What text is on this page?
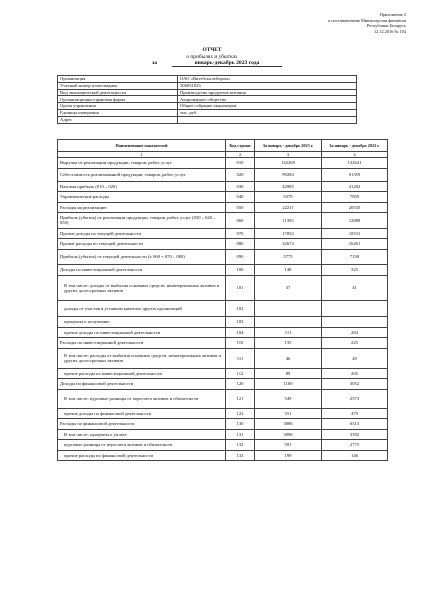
Приложение 2
к постановлению Министерства финансов
Республики Беларусь
12.12.2016 № 104
ОТЧЕТ
о прибылях и убытках
за	январь-декабрь 2023 года
Организация	ОАО «Витебскхлебпром»
Учетный номер плательщика	300031823
Вид экономической деятельности	Производство продуктов питания
Организационно-правовая форма	Акционерное общество
Орган управления	Общее собрание акционеров
Единица измерения	тыс. руб.
Адрес	
Наименование показателей	Код строки	За январь - декабрь 2023 г.	За январь - декабрь 2022 г.
1	2	3	4
Выручка от реализации продукции, товаров, работ, услуг	010	142269	132641
Себестоимость реализованной продукции, товаров, работ, услуг	020	99284	91359
Валовая прибыль (010 – 020)	030	42985	41282
Управленческие расходы	040	9379	7859
Расходы на реализацию	050	22211	20535
Прибыль (убыток) от реализации продукции, товаров, работ, услуг (030 – 040 – 050)	060	11395	12888
Прочие доходы по текущей деятельности	070	17052	10531
Прочие расходы по текущей деятельности	080	22672	16261
Прибыль (убыток) от текущей деятельности (± 060 + 070 – 080)	090	5775	7158
Доходы по инвестиционной деятельности	100	148	325
В том числе: доходы от выбытия основных средств, нематериальных активов и других долгосрочных активов	101	37	41
доходы от участия в уставном капитале других организаций	102		
проценты к получению	103		
прочие доходы по инвестиционной деятельности	104	111	284
Расходы по инвестиционной деятельности	110	135	225
В том числе: расходы от выбытия основных средств, нематериальных активов и других долгосрочных активов	111	46	20
прочие расходы по инвестиционной деятельности	112	89	205
Доходы по финансовой деятельности	120	1100	3052
В том числе: курсовые разницы от пересчета активов и обязательств	121	549	2573
прочие доходы по финансовой деятельности	122	551	479
Расходы по финансовой деятельности	130	3886	6313
В том числе: проценты к уплате	131	3096	3392
курсовые разницы от пересчета активов и обязательств	132	591	2775
прочие расходы по финансовой деятельности	133	199	146
